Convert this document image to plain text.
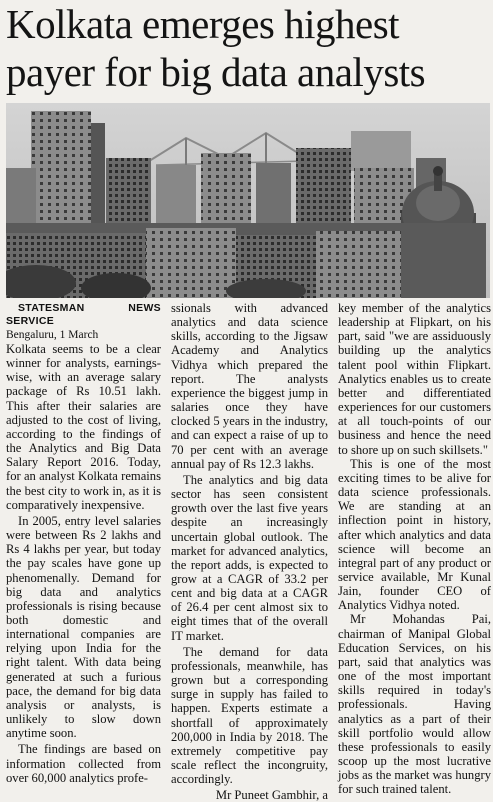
Kolkata emerges highest
payer for big data analysts

STATESMAN NEWS SERVICE

Bengaluru, 1 March

Kolkata seems to be a clear winner for analysts, earnings-wise, with an average salary package of Rs 10.51 lakh. This after their salaries are adjusted to the cost of living, according to the findings of the Analytics and Big Data Salary Report 2016. Today, for an analyst Kolkata remains the best city to work in, as it is comparatively inexpensive.

In 2005, entry level salaries were between Rs 2 lakhs and Rs 4 lakhs per year, but today the pay scales have gone up phenomenally. Demand for big data and analytics professionals is rising because both domestic and international companies are relying upon India for the right talent. With data being generated at such a furious pace, the demand for big data analysis or analysts, is unlikely to slow down anytime soon.

The findings are based on information collected from over 60,000 analytics profe-

ssionals with advanced analytics and data science skills, according to the Jigsaw Academy and Analytics Vidhya which prepared the report. The analysts experience the biggest jump in salaries once they have clocked 5 years in the industry, and can expect a raise of up to 70 per cent with an average annual pay of Rs 12.3 lakhs.

The analytics and big data sector has seen consistent growth over the last five years despite an increasingly uncertain global outlook. The market for advanced analytics, the report adds, is expected to grow at a CAGR of 33.2 per cent and big data at a CAGR of 26.4 per cent almost six to eight times that of the overall IT market.

The demand for data professionals, meanwhile, has grown but a corresponding surge in supply has failed to happen. Experts estimate a shortfall of approximately 200,000 in India by 2018. The extremely competitive pay scale reflect the incongruity, accordingly.

Mr Puneet Gambhir, a

key member of the analytics leadership at Flipkart, on his part, said "we are assiduously building up the analytics talent pool within Flipkart. Analytics enables us to create better and differentiated experiences for our customers at all touch-points of our business and hence the need to shore up on such skillsets."

This is one of the most exciting times to be alive for data science professionals. We are standing at an inflection point in history, after which analytics and data science will become an integral part of any product or service available, Mr Kunal Jain, founder CEO of Analytics Vidhya noted.

Mr Mohandas Pai, chairman of Manipal Global Education Services, on his part, said that analytics was one of the most important skills required in today's professionals. Having analytics as a part of their skill portfolio would allow these professionals to easily scoop up the most lucrative jobs as the market was hungry for such trained talent.
